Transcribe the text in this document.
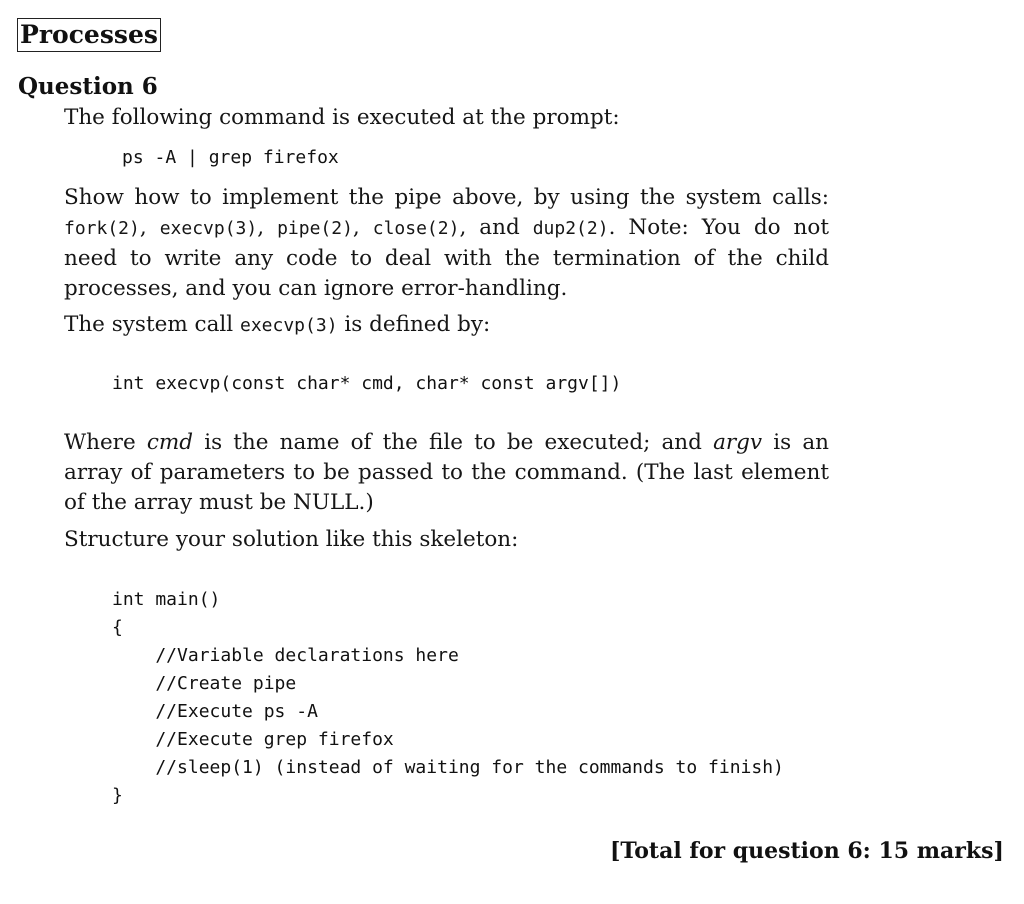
Processes
Question 6
The following command is executed at the prompt:
ps -A | grep firefox
Show how to implement the pipe above, by using the system calls: fork(2), execvp(3), pipe(2), close(2), and dup2(2). Note: You do not need to write any code to deal with the termination of the child processes, and you can ignore error-handling.
The system call execvp(3) is defined by:
int execvp(const char* cmd, char* const argv[])
Where cmd is the name of the file to be executed; and argv is an array of parameters to be passed to the command. (The last element of the array must be NULL.)
Structure your solution like this skeleton:
int main()
{
//Variable declarations here
//Create pipe
//Execute ps -A
//Execute grep firefox
//sleep(1) (instead of waiting for the commands to finish)
}
[Total for question 6: 15 marks]
